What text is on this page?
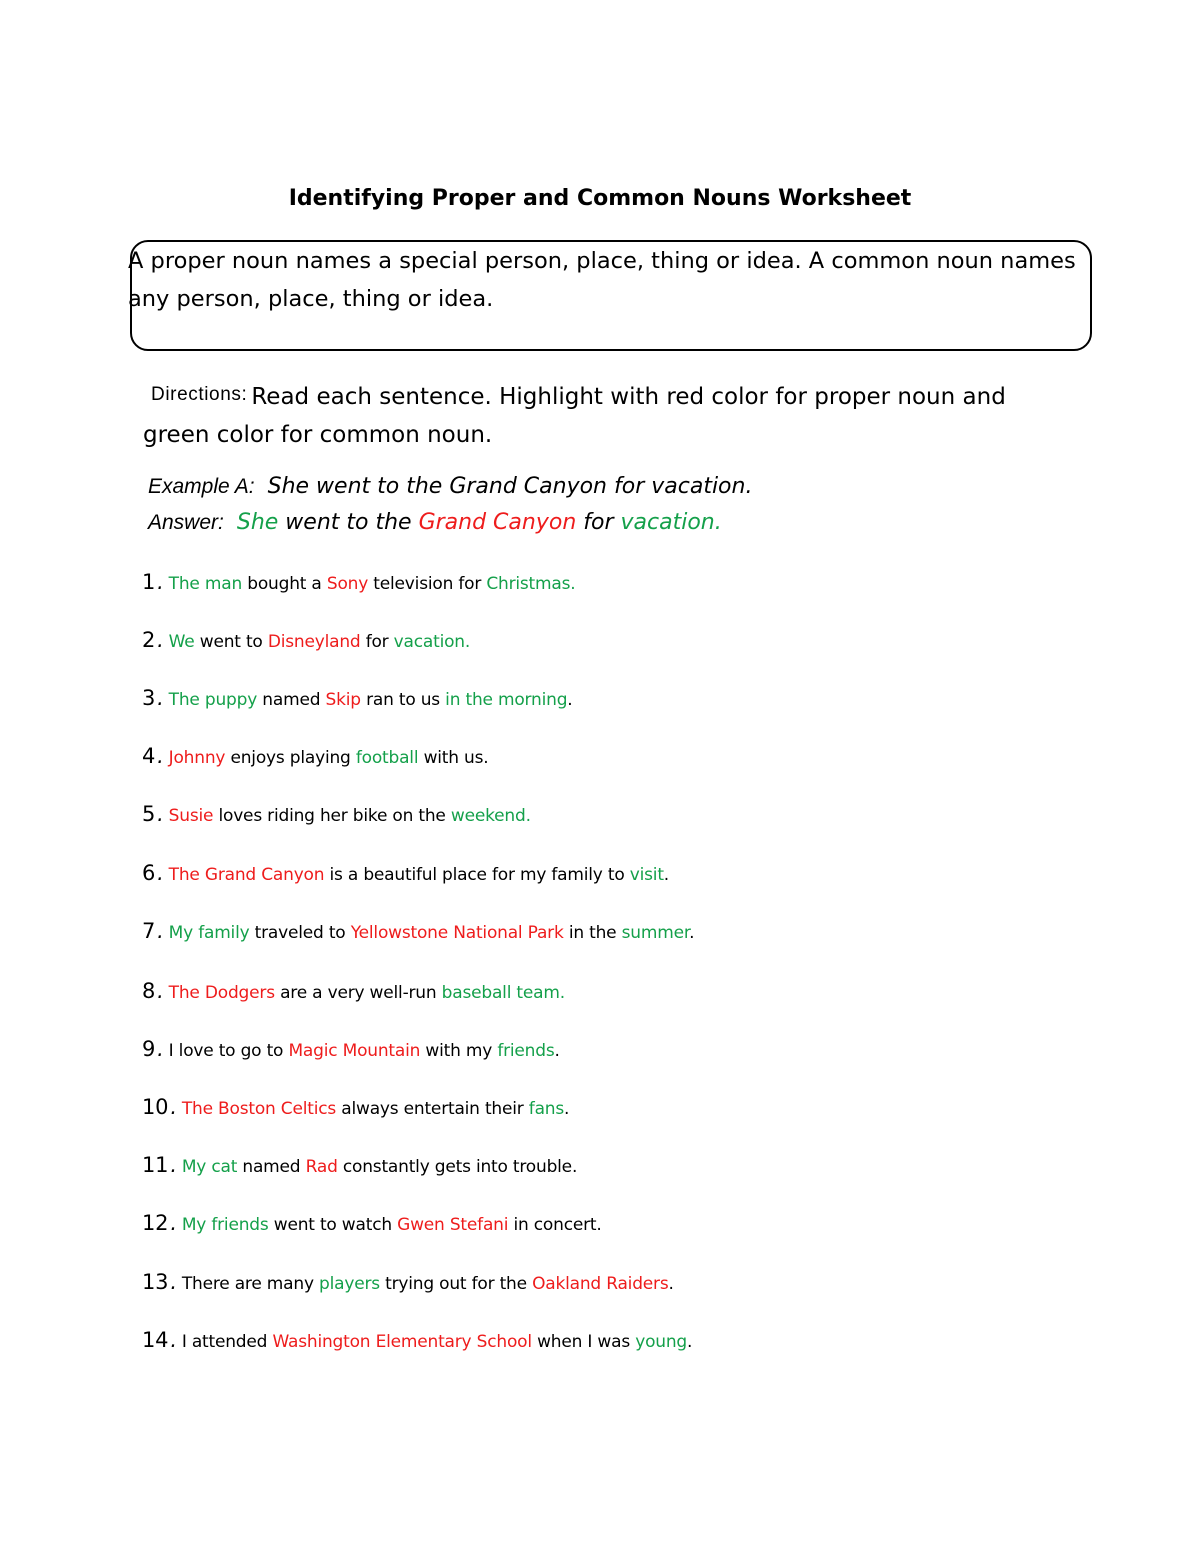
Identifying Proper and Common Nouns Worksheet

A proper noun names a special person, place, thing or idea. A common noun names any person, place, thing or idea.

Directions: Read each sentence. Highlight with red color for proper noun and green color for common noun.

Example A: She went to the Grand Canyon for vacation.

Answer: She went to the Grand Canyon for vacation.

1. The man bought a Sony television for Christmas.
2. We went to Disneyland for vacation.
3. The puppy named Skip ran to us in the morning.
4. Johnny enjoys playing football with us.
5. Susie loves riding her bike on the weekend.
6. The Grand Canyon is a beautiful place for my family to visit.
7. My family traveled to Yellowstone National Park in the summer.
8. The Dodgers are a very well-run baseball team.
9. I love to go to Magic Mountain with my friends.
10. The Boston Celtics always entertain their fans.
11. My cat named Rad constantly gets into trouble.
12. My friends went to watch Gwen Stefani in concert.
13. There are many players trying out for the Oakland Raiders.
14. I attended Washington Elementary School when I was young.
